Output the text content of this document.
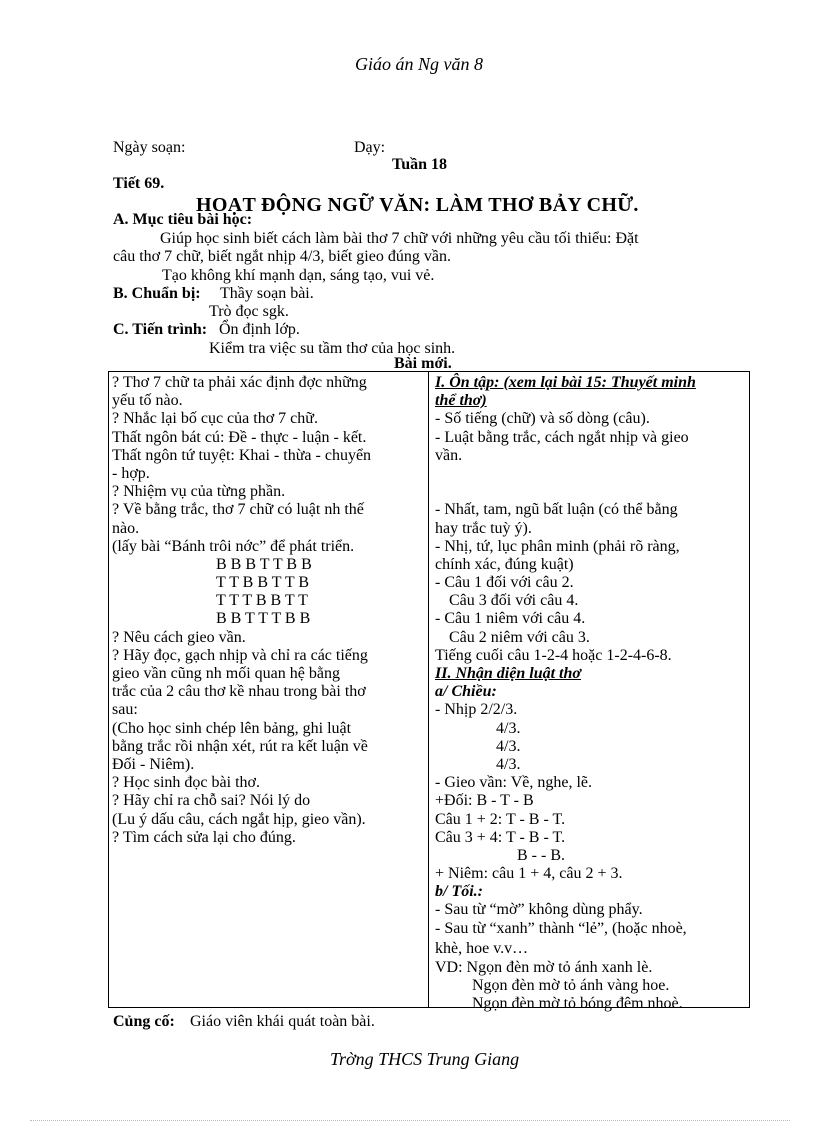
Giáo án Ng văn 8
Ngày soạn:	Dạy:
Tuần 18
Tiết 69.
HOẠT ĐỘNG NGỮ VĂN: LÀM THƠ BẢY CHỮ.
A. Mục tiêu bài học:
Giúp học sinh biết cách làm bài thơ 7 chữ với những yêu cầu tối thiểu: Đặt
câu thơ 7 chữ, biết ngắt nhịp 4/3, biết gieo đúng vần.
Tạo không khí mạnh dạn, sáng tạo, vui vẻ.
B. Chuẩn bị: Thầy soạn bài.
Trò đọc sgk.
C. Tiến trình: Ổn định lớp.
Kiểm tra việc su tầm thơ của học sinh.
Bài mới.
? Thơ 7 chữ ta phải xác định đợc những
yếu tố nào.
? Nhắc lại bố cục của thơ 7 chữ.
Thất ngôn bát cú: Đề - thực - luận - kết.
Thất ngôn tứ tuyệt: Khai - thừa - chuyển
- hợp.
? Nhiệm vụ của từng phần.
? Về bằng trắc, thơ 7 chữ có luật nh thế
nào.
(lấy bài “Bánh trôi nớc” để phát triển.
B B B T T B B
T T B B T T B
T T T B B T T
B B T T T B B
? Nêu cách gieo vần.
? Hãy đọc, gạch nhịp và chỉ ra các tiếng
gieo vần cũng nh mối quan hệ bằng
trắc của 2 câu thơ kề nhau trong bài thơ
sau:
(Cho học sinh chép lên bảng, ghi luật
bằng trắc rồi nhận xét, rút ra kết luận về
Đối - Niêm).
? Học sinh đọc bài thơ.
? Hãy chỉ ra chỗ sai? Nói lý do
(Lu ý dấu câu, cách ngắt hịp, gieo vần).
? Tìm cách sửa lại cho đúng.
I. Ôn tập: (xem lại bài 15: Thuyết minh
thể thơ)
- Số tiếng (chữ) và số dòng (câu).
- Luật bằng trắc, cách ngắt nhịp và gieo
vần.
- Nhất, tam, ngũ bất luận (có thể bằng
hay trắc tuỳ ý).
- Nhị, tứ, lục phân minh (phải rõ ràng,
chính xác, đúng kuật)
- Câu 1 đối với câu 2.
Câu 3 đối với câu 4.
- Câu 1 niêm với câu 4.
Câu 2 niêm với câu 3.
Tiếng cuối câu 1-2-4 hoặc 1-2-4-6-8.
II. Nhận diện luật thơ
a/ Chiều:
- Nhịp 2/2/3.
4/3.
4/3.
4/3.
- Gieo vần: Về, nghe, lẽ.
+Đối: B - T - B
Câu 1 + 2: T - B - T.
Câu 3 + 4: T - B - T.
B - - B.
+ Niêm: câu 1 + 4, câu 2 + 3.
b/ Tối.:
- Sau từ “mờ” không dùng phẩy.
- Sau từ “xanh” thành “lẻ”, (hoặc nhoè,
khè, hoe v.v…
VD: Ngọn đèn mờ tỏ ánh xanh lè.
Ngọn đèn mờ tỏ ánh vàng hoe.
Ngọn đèn mờ tỏ bóng đêm nhoè.
Củng cố: Giáo viên khái quát toàn bài.
Trờng THCS Trung Giang
